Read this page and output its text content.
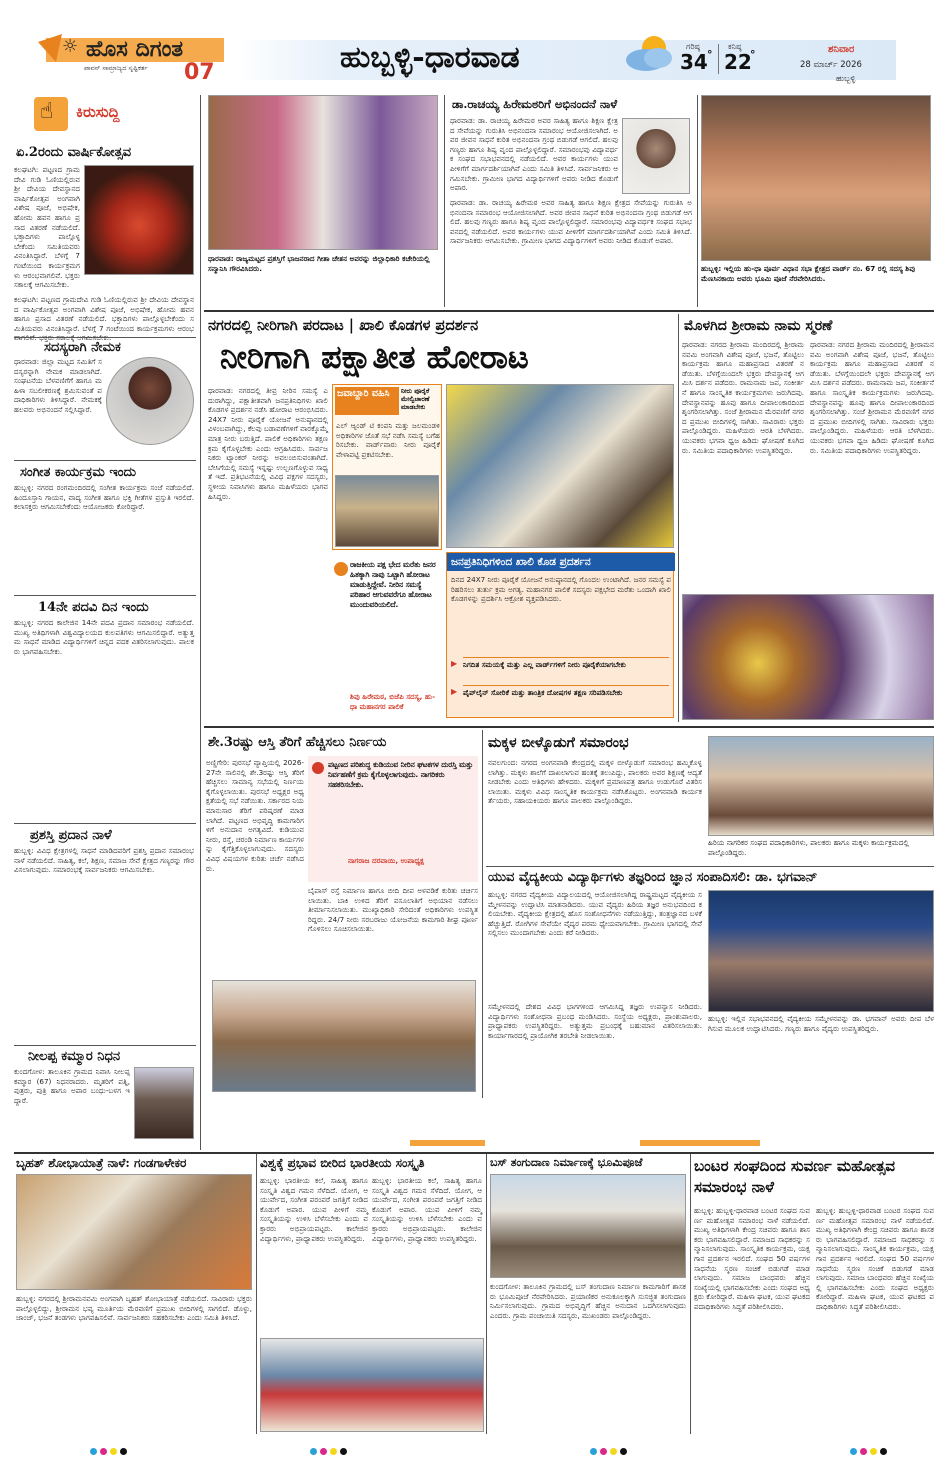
☼ ಹೊಸ ದಿಗಂತ
ಪಾವನ್ ಸಾಮ್ರಾಜ್ಯದ ಸೃಷ್ಟಿಕರ್ತ 07	ಹುಬ್ಬಳ್ಳಿ-ಧಾರವಾಡ	ಗರಿಷ್ಠ
34 °
ಕನಿಷ್ಠ
22
°	ಶನಿವಾರ
28 ಮಾರ್ಚ್ 2026
ಹುಬ್ಬಳ್ಳಿ
☝ ಕಿರುಸುದ್ದಿ
ಏ.2ರಂದು ವಾರ್ಷಿಕೋತ್ಸವ
ಕಲಘಟಗಿ: ಪಟ್ಟಣದ ಗ್ರಾಮದೇವಿ ಗುಡಿ ಓಣಿಯಲ್ಲಿರುವ ಶ್ರೀ ದೇವಿಯ ದೇವಸ್ಥಾನದ ವಾರ್ಷಿಕೋತ್ಸವ ಅಂಗವಾಗಿ ವಿಶೇಷ ಪೂಜೆ, ಅಭಿಷೇಕ, ಹೋಮ ಹವನ ಹಾಗೂ ಪ್ರಸಾದ ವಿತರಣೆ ನಡೆಯಲಿದೆ. ಭಕ್ತಾದಿಗಳು ಪಾಲ್ಗೊಳ್ಳಬೇಕೆಂದು ಸಮಿತಿಯವರು ವಿನಂತಿಸಿದ್ದಾರೆ. ಬೆಳಗ್ಗೆ 7 ಗಂಟೆಯಿಂದ ಕಾರ್ಯಕ್ರಮಗಳು ಆರಂಭವಾಗಲಿವೆ. ಭಕ್ತರು ಸಕಾಲಕ್ಕೆ ಆಗಮಿಸಬೇಕು.
ಕಲಘಟಗಿ: ಪಟ್ಟಣದ ಗ್ರಾಮದೇವಿ ಗುಡಿ ಓಣಿಯಲ್ಲಿರುವ ಶ್ರೀ ದೇವಿಯ ದೇವಸ್ಥಾನದ ವಾರ್ಷಿಕೋತ್ಸವ ಅಂಗವಾಗಿ ವಿಶೇಷ ಪೂಜೆ, ಅಭಿಷೇಕ, ಹೋಮ ಹವನ ಹಾಗೂ ಪ್ರಸಾದ ವಿತರಣೆ ನಡೆಯಲಿದೆ. ಭಕ್ತಾದಿಗಳು ಪಾಲ್ಗೊಳ್ಳಬೇಕೆಂದು ಸಮಿತಿಯವರು ವಿನಂತಿಸಿದ್ದಾರೆ. ಬೆಳಗ್ಗೆ 7 ಗಂಟೆಯಿಂದ ಕಾರ್ಯಕ್ರಮಗಳು ಆರಂಭ
ಸದಸ್ಯರಾಗಿ ನೇಮಕ
ಧಾರವಾಡ: ಜಿಲ್ಲಾ ಮಟ್ಟದ ಸಮಿತಿಗೆ ಸದಸ್ಯರನ್ನಾಗಿ ನೇಮಕ ಮಾಡಲಾಗಿದೆ. ಸಂಘಟನೆಯ ಬೆಳವಣಿಗೆಗೆ ಹಾಗೂ ಮಹಿಳಾ ಸಬಲೀಕರಣಕ್ಕೆ ಶ್ರಮಿಸುವಂತೆ ಪದಾಧಿಕಾರಿಗಳು ತಿಳಿಸಿದ್ದಾರೆ. ನೇಮಕಕ್ಕೆ ಹಲವರು ಅಭಿನಂದನೆ ಸಲ್ಲಿಸಿದ್ದಾರೆ.
ಸಂಗೀತ ಕಾರ್ಯಕ್ರಮ ಇಂದು
ಹುಬ್ಬಳ್ಳಿ: ನಗರದ ರಂಗಮಂದಿರದಲ್ಲಿ ಸಂಗೀತ ಕಾರ್ಯಕ್ರಮ ಸಂಜೆ ನಡೆಯಲಿದೆ. ಹಿಂದೂಸ್ತಾನಿ ಗಾಯನ, ವಾದ್ಯ ಸಂಗೀತ ಹಾಗೂ ಭಕ್ತಿ ಗೀತೆಗಳ ಪ್ರಸ್ತುತಿ ಇರಲಿದೆ. ಕಲಾಸಕ್ತರು ಆಗಮಿಸಬೇಕೆಂದು ಆಯೋಜಕರು ಕೋರಿದ್ದಾರೆ.
14ನೇ ಪದವಿ ದಿನ ಇಂದು
ಹುಬ್ಬಳ್ಳಿ: ನಗರದ ಕಾಲೇಜಿನ 14ನೇ ಪದವಿ ಪ್ರದಾನ ಸಮಾರಂಭ ನಡೆಯಲಿದೆ. ಮುಖ್ಯ ಅತಿಥಿಗಳಾಗಿ ವಿಶ್ವವಿದ್ಯಾಲಯದ ಕುಲಪತಿಗಳು ಆಗಮಿಸಲಿದ್ದಾರೆ. ಅತ್ಯುತ್ತಮ ಸಾಧನೆ ಮಾಡಿದ ವಿದ್ಯಾರ್ಥಿಗಳಿಗೆ ಚಿನ್ನದ ಪದಕ ವಿತರಿಸಲಾಗುವುದು. ಪಾಲಕರು ಭಾಗವಹಿಸಬೇಕು.
ಪ್ರಶಸ್ತಿ ಪ್ರದಾನ ನಾಳೆ
ಹುಬ್ಬಳ್ಳಿ: ವಿವಿಧ ಕ್ಷೇತ್ರಗಳಲ್ಲಿ ಸಾಧನೆ ಮಾಡಿದವರಿಗೆ ಪ್ರಶಸ್ತಿ ಪ್ರದಾನ ಸಮಾರಂಭ ನಾಳೆ ನಡೆಯಲಿದೆ. ಸಾಹಿತ್ಯ, ಕಲೆ, ಶಿಕ್ಷಣ, ಸಮಾಜ ಸೇವೆ ಕ್ಷೇತ್ರದ ಗಣ್ಯರನ್ನು ಗೌರವಿಸಲಾಗುವುದು. ಸಮಾರಂಭಕ್ಕೆ ಸಾರ್ವಜನಿಕರು ಆಗಮಿಸಬೇಕು.
ನೀಲಪ್ಪ ಕಮ್ಮಾರ ನಿಧನ
ಕುಂದಗೋಳ: ತಾಲೂಕಿನ ಗ್ರಾಮದ ನಿವಾಸಿ ನೀಲಪ್ಪ ಕಮ್ಮಾರ (67) ನಿಧನರಾದರು. ಮೃತರಿಗೆ ಪತ್ನಿ, ಪುತ್ರರು, ಪುತ್ರಿ ಹಾಗೂ ಅಪಾರ ಬಂಧು-ಬಳಗ ಇದ್ದಾರೆ.
ಧಾರವಾಡ: ರಾಜ್ಯಮಟ್ಟದ ಪ್ರಶಸ್ತಿಗೆ ಭಾಜನರಾದ ಗೀತಾ ಚೇತನ ಅವರನ್ನು ಜಿಲ್ಲಾಧಿಕಾರಿ ಕಚೇರಿಯಲ್ಲಿ ಸನ್ಮಾನಿಸಿ ಗೌರವಿಸಿದರು.
ಡಾ.ರಾಚಯ್ಯ ಹಿರೇಮಠರಿಗೆ ಅಭಿನಂದನೆ ನಾಳೆ
ಧಾರವಾಡ: ಡಾ. ರಾಚಯ್ಯ ಹಿರೇಮಠ ಅವರ ಸಾಹಿತ್ಯ ಹಾಗೂ ಶಿಕ್ಷಣ ಕ್ಷೇತ್ರದ ಸೇವೆಯನ್ನು ಗುರುತಿಸಿ ಅಭಿನಂದನಾ ಸಮಾರಂಭ ಆಯೋಜಿಸಲಾಗಿದೆ. ಅವರ ಜೀವನ ಸಾಧನೆ ಕುರಿತ ಅಭಿನಂದನಾ ಗ್ರಂಥ ಬಿಡುಗಡೆ ಆಗಲಿದೆ. ಹಲವು ಗಣ್ಯರು ಹಾಗೂ ಶಿಷ್ಯ ವೃಂದ ಪಾಲ್ಗೊಳ್ಳಲಿದ್ದಾರೆ. ಸಮಾರಂಭವು ವಿದ್ಯಾವರ್ಧಕ ಸಂಘದ ಸಭಾಭವನದಲ್ಲಿ ನಡೆಯಲಿದೆ. ಅವರ ಕಾರ್ಯಗಳು ಯುವ ಪೀಳಿಗೆಗೆ ಮಾರ್ಗದರ್ಶಿಯಾಗಿವೆ ಎಂದು ಸಮಿತಿ ತಿಳಿಸಿದೆ. ಸಾರ್ವಜನಿಕರು ಆಗಮಿಸಬೇಕು. ಗ್ರಾಮೀಣ ಭಾಗದ ವಿದ್ಯಾರ್ಥಿಗಳಿಗೆ ಅವರು ನೀಡಿದ ಕೊಡುಗೆ ಅಪಾರ.
ಧಾರವಾಡ: ಡಾ. ರಾಚಯ್ಯ ಹಿರೇಮಠ ಅವರ ಸಾಹಿತ್ಯ ಹಾಗೂ ಶಿಕ್ಷಣ ಕ್ಷೇತ್ರದ ಸೇವೆಯನ್ನು ಗುರುತಿಸಿ ಅಭಿನಂದನಾ ಸಮಾರಂಭ ಆಯೋಜಿಸಲಾಗಿದೆ. ಅವರ ಜೀವನ ಸಾಧನೆ ಕುರಿತ ಅಭಿನಂದನಾ ಗ್ರಂಥ ಬಿಡುಗಡೆ ಆಗಲಿದೆ. ಹಲವು ಗಣ್ಯರು ಹಾಗೂ ಶಿಷ್ಯ ವೃಂದ ಪಾಲ್ಗೊಳ್ಳಲಿದ್ದಾರೆ. ಸಮಾರಂಭವು ವಿದ್ಯಾವರ್ಧಕ ಸಂಘದ ಸಭಾಭವನದಲ್ಲಿ ನಡೆಯಲಿದೆ. ಅವರ ಕಾರ್ಯಗಳು ಯುವ ಪೀಳಿಗೆಗೆ ಮಾರ್ಗದರ್ಶಿಯಾಗಿವೆ ಎಂದು ಸಮಿತಿ ತಿಳಿಸಿದೆ. ಸಾರ್ವಜನಿಕರು ಆಗಮಿಸಬೇಕು. ಗ್ರಾಮೀಣ ಭಾಗದ ವಿದ್ಯಾರ್ಥಿಗಳಿಗೆ ಅವರು ನೀಡಿದ ಕೊಡುಗೆ ಅಪಾರ.
ಹುಬ್ಬಳ್ಳಿ: ಇಲ್ಲಿಯ ಹು-ಧಾ ಪೂರ್ವ ವಿಧಾನ ಸಭಾ ಕ್ಷೇತ್ರದ ವಾರ್ಡ್ ನಂ. 67 ರಲ್ಲಿ ಸದಸ್ಯ ಶಿವು ಮೆಣಸಿನಕಾಯಿ ಅವರು ಭೂಮಿ ಪೂಜೆ ನೆರವೇರಿಸಿದರು.
ನಗರದಲ್ಲಿ ನೀರಿಗಾಗಿ ಪರದಾಟ | ಖಾಲಿ ಕೊಡಗಳ ಪ್ರದರ್ಶನ
ನೀರಿಗಾಗಿ ಪಕ್ಷಾತೀತ ಹೋರಾಟ
ಧಾರವಾಡ: ನಗರದಲ್ಲಿ ತೀವ್ರ ನೀರಿನ ಸಮಸ್ಯೆ ಎದುರಾಗಿದ್ದು, ಪಕ್ಷಾತೀತವಾಗಿ ಜನಪ್ರತಿನಿಧಿಗಳು ಖಾಲಿ ಕೊಡಗಳ ಪ್ರದರ್ಶನ ನಡೆಸಿ ಹೋರಾಟ ಆರಂಭಿಸಿದರು. 24X7 ನೀರು ಪೂರೈಕೆ ಯೋಜನೆ ಅನುಷ್ಠಾನದಲ್ಲಿ ವಿಳಂಬವಾಗಿದ್ದು, ಕೆಲವು ಬಡಾವಣೆಗಳಿಗೆ ವಾರಕ್ಕೊಮ್ಮೆ ಮಾತ್ರ ನೀರು ಬರುತ್ತಿದೆ. ಪಾಲಿಕೆ ಅಧಿಕಾರಿಗಳು ತಕ್ಷಣ ಕ್ರಮ ಕೈಗೊಳ್ಳಬೇಕು ಎಂದು ಆಗ್ರಹಿಸಿದರು. ಸಾರ್ವಜನಿಕರು ಟ್ಯಾಂಕರ್ ನೀರನ್ನು ಅವಲಂಬಿಸುವಂತಾಗಿದೆ. ಬೇಸಿಗೆಯಲ್ಲಿ ಸಮಸ್ಯೆ ಇನ್ನಷ್ಟು ಉಲ್ಬಣಗೊಳ್ಳುವ ಸಾಧ್ಯತೆ ಇದೆ. ಪ್ರತಿಭಟನೆಯಲ್ಲಿ ವಿವಿಧ ಪಕ್ಷಗಳ ಸದಸ್ಯರು, ಸ್ಥಳೀಯ ನಿವಾಸಿಗಳು ಹಾಗೂ ಮಹಿಳೆಯರು ಭಾಗವಹಿಸಿದ್ದರು.
ಜವಾಬ್ದಾರಿ ವಹಿಸಿ	ನೀರು ಪೂರೈಕೆ ಮೇಲ್ವಿಚಾರಣೆ ಮಾಡಬೇಕು
ಎಲ್ ಆ್ಯಂಡ್ ಟಿ ಕಂಪನಿ ಮತ್ತು ಜಲಮಂಡಳಿ ಅಧಿಕಾರಿಗಳ ಜೊತೆ ಸಭೆ ನಡೆಸಿ ಸಮಸ್ಯೆ ಬಗೆಹರಿಸಬೇಕು. ವಾರ್ಡ್‌ವಾರು ನೀರು ಪೂರೈಕೆ ವೇಳಾಪಟ್ಟಿ ಪ್ರಕಟಿಸಬೇಕು.
ರಾಜಕೀಯ ಪಕ್ಷ ಭೇದ ಮರೆತು ಜನರ ಹಿತಕ್ಕಾಗಿ ನಾವು ಒಟ್ಟಾಗಿ ಹೋರಾಟ ಮಾಡುತ್ತಿದ್ದೇವೆ. ನೀರಿನ ಸಮಸ್ಯೆ ಪರಿಹಾರ ಆಗುವವರೆಗೂ ಹೋರಾಟ ಮುಂದುವರಿಯಲಿದೆ.
ಶಿವು ಹಿರೇಮಠ, ಬಿಜೆಪಿ ಸದಸ್ಯ, ಹು-ಧಾ ಮಹಾನಗರ ಪಾಲಿಕೆ
ಜನಪ್ರತಿನಿಧಿಗಳಿಂದ ಖಾಲಿ ಕೊಡ ಪ್ರದರ್ಶನ
ದಿನದ 24X7 ನೀರು ಪೂರೈಕೆ ಯೋಜನೆ ಅನುಷ್ಠಾನದಲ್ಲಿ ಗೊಂದಲ ಉಂಟಾಗಿದೆ. ಜನರ ಸಮಸ್ಯೆ ಪರಿಹರಿಸಲು ತುರ್ತು ಕ್ರಮ ಅಗತ್ಯ. ಮಹಾನಗರ ಪಾಲಿಕೆ ಸದಸ್ಯರು ಪಕ್ಷಭೇದ ಮರೆತು ಒಂದಾಗಿ ಖಾಲಿ ಕೊಡಗಳನ್ನು ಪ್ರದರ್ಶಿಸಿ ಆಕ್ರೋಶ ವ್ಯಕ್ತಪಡಿಸಿದರು.
ನಿಗದಿತ ಸಮಯಕ್ಕೆ ಮತ್ತು ಎಲ್ಲ ವಾರ್ಡ್‌ಗಳಿಗೆ ನೀರು ಪೂರೈಕೆಯಾಗಬೇಕು
ಪೈಪ್‌ಲೈನ್ ಸೋರಿಕೆ ಮತ್ತು ತಾಂತ್ರಿಕ ದೋಷಗಳ ತಕ್ಷಣ ಸರಿಪಡಿಸಬೇಕು
▶
▶
ಮೊಳಗಿದ ಶ್ರೀರಾಮ ನಾಮ ಸ್ಮರಣೆ
ಧಾರವಾಡ: ನಗರದ ಶ್ರೀರಾಮ ಮಂದಿರದಲ್ಲಿ ಶ್ರೀರಾಮನವಮಿ ಅಂಗವಾಗಿ ವಿಶೇಷ ಪೂಜೆ, ಭಜನೆ, ತೊಟ್ಟಿಲು ಕಾರ್ಯಕ್ರಮ ಹಾಗೂ ಮಹಾಪ್ರಸಾದ ವಿತರಣೆ ನಡೆಯಿತು. ಬೆಳಗ್ಗೆಯಿಂದಲೇ ಭಕ್ತರು ದೇವಸ್ಥಾನಕ್ಕೆ ಆಗಮಿಸಿ ದರ್ಶನ ಪಡೆದರು. ರಾಮನಾಮ ಜಪ, ಸಂಕೀರ್ತನೆ ಹಾಗೂ ಸಾಂಸ್ಕೃತಿಕ ಕಾರ್ಯಕ್ರಮಗಳು ಜರುಗಿದವು. ದೇವಸ್ಥಾನವನ್ನು ಹೂವು ಹಾಗೂ ದೀಪಾಲಂಕಾರದಿಂದ ಶೃಂಗರಿಸಲಾಗಿತ್ತು. ಸಂಜೆ ಶ್ರೀರಾಮನ ಮೆರವಣಿಗೆ ನಗರದ ಪ್ರಮುಖ ಬೀದಿಗಳಲ್ಲಿ ಸಾಗಿತು. ಸಾವಿರಾರು ಭಕ್ತರು ಪಾಲ್ಗೊಂಡಿದ್ದರು. ಮಹಿಳೆಯರು ಆರತಿ ಬೆಳಗಿದರು. ಯುವಕರು ಭಗವಾ ಧ್ವಜ ಹಿಡಿದು ಘೋಷಣೆ ಕೂಗಿದರು. ಸಮಿತಿಯ ಪದಾಧಿಕಾರಿಗಳು ಉಪಸ್ಥಿತರಿದ್ದರು.
ಧಾರವಾಡ: ನಗರದ ಶ್ರೀರಾಮ ಮಂದಿರದಲ್ಲಿ ಶ್ರೀರಾಮನವಮಿ ಅಂಗವಾಗಿ ವಿಶೇಷ ಪೂಜೆ, ಭಜನೆ, ತೊಟ್ಟಿಲು ಕಾರ್ಯಕ್ರಮ ಹಾಗೂ ಮಹಾಪ್ರಸಾದ ವಿತರಣೆ ನಡೆಯಿತು. ಬೆಳಗ್ಗೆಯಿಂದಲೇ ಭಕ್ತರು ದೇವಸ್ಥಾನಕ್ಕೆ ಆಗಮಿಸಿ ದರ್ಶನ ಪಡೆದರು. ರಾಮನಾಮ ಜಪ, ಸಂಕೀರ್ತನೆ ಹಾಗೂ ಸಾಂಸ್ಕೃತಿಕ ಕಾರ್ಯಕ್ರಮಗಳು ಜರುಗಿದವು. ದೇವಸ್ಥಾನವನ್ನು ಹೂವು ಹಾಗೂ ದೀಪಾಲಂಕಾರದಿಂದ ಶೃಂಗರಿಸಲಾಗಿತ್ತು. ಸಂಜೆ ಶ್ರೀರಾಮನ ಮೆರವಣಿಗೆ ನಗರದ ಪ್ರಮುಖ ಬೀದಿಗಳಲ್ಲಿ ಸಾಗಿತು. ಸಾವಿರಾರು ಭಕ್ತರು ಪಾಲ್ಗೊಂಡಿದ್ದರು. ಮಹಿಳೆಯರು ಆರತಿ ಬೆಳಗಿದರು. ಯುವಕರು ಭಗವಾ ಧ್ವಜ ಹಿಡಿದು ಘೋಷಣೆ ಕೂಗಿದರು. ಸಮಿತಿಯ ಪದಾಧಿಕಾರಿಗಳು ಉಪಸ್ಥಿತರಿದ್ದರು.
ಶೇ.3ರಷ್ಟು ಆಸ್ತಿ ತೆರಿಗೆ ಹೆಚ್ಚಿಸಲು ನಿರ್ಣಯ
ಅಣ್ಣಿಗೇರಿ: ಪುರಸಭೆ ವ್ಯಾಪ್ತಿಯಲ್ಲಿ 2026-27ನೇ ಸಾಲಿನಲ್ಲಿ ಶೇ.3ರಷ್ಟು ಆಸ್ತಿ ತೆರಿಗೆ ಹೆಚ್ಚಿಸಲು ಸಾಮಾನ್ಯ ಸಭೆಯಲ್ಲಿ ನಿರ್ಣಯ ಕೈಗೊಳ್ಳಲಾಯಿತು. ಪುರಸಭೆ ಅಧ್ಯಕ್ಷರ ಅಧ್ಯಕ್ಷತೆಯಲ್ಲಿ ಸಭೆ ನಡೆಯಿತು. ಸರ್ಕಾರದ ನಿಯಮಾನುಸಾರ ತೆರಿಗೆ ಪರಿಷ್ಕರಣೆ ಮಾಡಲಾಗಿದೆ. ಪಟ್ಟಣದ ಅಭಿವೃದ್ಧಿ ಕಾಮಗಾರಿಗಳಿಗೆ ಅನುದಾನ ಅಗತ್ಯವಿದೆ. ಕುಡಿಯುವ ನೀರು, ರಸ್ತೆ, ಚರಂಡಿ ನಿರ್ಮಾಣ ಕಾರ್ಯಗಳನ್ನು ಕೈಗೆತ್ತಿಕೊಳ್ಳಲಾಗುವುದು. ಸದಸ್ಯರು ವಿವಿಧ ವಿಷಯಗಳ ಕುರಿತು ಚರ್ಚೆ ನಡೆಸಿದರು.
ಪಟ್ಟಣದ ಪರಿಶುದ್ಧ ಕುಡಿಯುವ ನೀರಿನ ಘಟಕಗಳ ದುರಸ್ತಿ ಮತ್ತು ನಿರ್ವಹಣೆಗೆ ಕ್ರಮ ಕೈಗೊಳ್ಳಲಾಗುವುದು. ನಾಗರಿಕರು ಸಹಕರಿಸಬೇಕು.
ನಾಗರಾಜ ದರವಾಯಿ, ಉಪಾಧ್ಯಕ್ಷ
ಬೈಪಾಸ್ ರಸ್ತೆ ನಿರ್ಮಾಣ ಹಾಗೂ ಬೀದಿ ದೀಪ ಅಳವಡಿಕೆ ಕುರಿತು ಚರ್ಚಿಸಲಾಯಿತು. ಬಾಕಿ ಉಳಿದ ತೆರಿಗೆ ವಸೂಲಾತಿಗೆ ಅಭಿಯಾನ ನಡೆಸಲು ತೀರ್ಮಾನಿಸಲಾಯಿತು. ಮುಖ್ಯಾಧಿಕಾರಿ ಸೇರಿದಂತೆ ಅಧಿಕಾರಿಗಳು ಉಪಸ್ಥಿತರಿದ್ದರು. 24/7 ನೀರು ಸರಬರಾಜು ಯೋಜನೆಯ ಕಾಮಗಾರಿ ಶೀಘ್ರ ಪೂರ್ಣಗೊಳಿಸಲು ಸೂಚಿಸಲಾಯಿತು.
ಮಕ್ಕಳ ಬೀಳ್ಕೊಡುಗೆ ಸಮಾರಂಭ
ನವಲಗುಂದ: ನಗರದ ಅಂಗನವಾಡಿ ಕೇಂದ್ರದಲ್ಲಿ ಮಕ್ಕಳ ಬೀಳ್ಕೊಡುಗೆ ಸಮಾರಂಭ ಹಮ್ಮಿಕೊಳ್ಳಲಾಗಿತ್ತು. ಮಕ್ಕಳು ಶಾಲೆಗೆ ದಾಖಲಾಗುವ ಹಂತಕ್ಕೆ ತಲುಪಿದ್ದು, ಪಾಲಕರು ಅವರ ಶಿಕ್ಷಣಕ್ಕೆ ಆದ್ಯತೆ ನೀಡಬೇಕು ಎಂದು ಅತಿಥಿಗಳು ಹೇಳಿದರು. ಮಕ್ಕಳಿಗೆ ಪ್ರಮಾಣಪತ್ರ ಹಾಗೂ ಉಡುಗೊರೆ ವಿತರಿಸಲಾಯಿತು. ಮಕ್ಕಳು ವಿವಿಧ ಸಾಂಸ್ಕೃತಿಕ ಕಾರ್ಯಕ್ರಮ ನಡೆಸಿಕೊಟ್ಟರು. ಅಂಗನವಾಡಿ ಕಾರ್ಯಕರ್ತೆಯರು, ಸಹಾಯಕಿಯರು ಹಾಗೂ ಪಾಲಕರು ಪಾಲ್ಗೊಂಡಿದ್ದರು.
ಹಿರಿಯ ನಾಗರಿಕರ ಸಂಘದ ಪದಾಧಿಕಾರಿಗಳು, ಪಾಲಕರು ಹಾಗೂ ಮಕ್ಕಳು ಕಾರ್ಯಕ್ರಮದಲ್ಲಿ ಪಾಲ್ಗೊಂಡಿದ್ದರು.
ಯುವ ವೈದ್ಯಕೀಯ ವಿದ್ಯಾರ್ಥಿಗಳು ತಜ್ಞರಿಂದ ಜ್ಞಾನ ಸಂಪಾದಿಸಲಿ: ಡಾ. ಭಗವಾನ್
ಹುಬ್ಬಳ್ಳಿ: ನಗರದ ವೈದ್ಯಕೀಯ ವಿದ್ಯಾಲಯದಲ್ಲಿ ಆಯೋಜಿಸಲಾಗಿದ್ದ ರಾಷ್ಟ್ರಮಟ್ಟದ ವೈದ್ಯಕೀಯ ಸಮ್ಮೇಳನವನ್ನು ಉದ್ಘಾಟಿಸಿ ಮಾತನಾಡಿದರು. ಯುವ ವೈದ್ಯರು ಹಿರಿಯ ತಜ್ಞರ ಅನುಭವದಿಂದ ಕಲಿಯಬೇಕು. ವೈದ್ಯಕೀಯ ಕ್ಷೇತ್ರದಲ್ಲಿ ಹೊಸ ಸಂಶೋಧನೆಗಳು ನಡೆಯುತ್ತಿದ್ದು, ತಂತ್ರಜ್ಞಾನದ ಬಳಕೆ ಹೆಚ್ಚುತ್ತಿದೆ. ರೋಗಿಗಳ ಸೇವೆಯೇ ವೈದ್ಯರ ಪರಮ ಧ್ಯೇಯವಾಗಬೇಕು. ಗ್ರಾಮೀಣ ಭಾಗದಲ್ಲಿ ಸೇವೆ ಸಲ್ಲಿಸಲು ಮುಂದಾಗಬೇಕು ಎಂದು ಕರೆ ನೀಡಿದರು.
ಸಮ್ಮೇಳನದಲ್ಲಿ ದೇಶದ ವಿವಿಧ ಭಾಗಗಳಿಂದ ಆಗಮಿಸಿದ್ದ ತಜ್ಞರು ಉಪನ್ಯಾಸ ನೀಡಿದರು. ವಿದ್ಯಾರ್ಥಿಗಳು ಸಂಶೋಧನಾ ಪ್ರಬಂಧ ಮಂಡಿಸಿದರು. ಸಂಸ್ಥೆಯ ಅಧ್ಯಕ್ಷರು, ಪ್ರಾಂಶುಪಾಲರು, ಪ್ರಾಧ್ಯಾಪಕರು ಉಪಸ್ಥಿತರಿದ್ದರು. ಅತ್ಯುತ್ತಮ ಪ್ರಬಂಧಕ್ಕೆ ಬಹುಮಾನ ವಿತರಿಸಲಾಯಿತು. ಕಾರ್ಯಾಗಾರದಲ್ಲಿ ಪ್ರಾಯೋಗಿಕ ತರಬೇತಿ ನೀಡಲಾಯಿತು.
ಹುಬ್ಬಳ್ಳಿ: ಇಲ್ಲಿನ ಸಭಾಭವನದಲ್ಲಿ ವೈದ್ಯಕೀಯ ಸಮ್ಮೇಳನವನ್ನು ಡಾ. ಭಗವಾನ್ ಅವರು ದೀಪ ಬೆಳಗಿಸುವ ಮೂಲಕ ಉದ್ಘಾಟಿಸಿದರು. ಗಣ್ಯರು ಹಾಗೂ ವೈದ್ಯರು ಉಪಸ್ಥಿತರಿದ್ದರು.
ಬೃಹತ್ ಶೋಭಾಯಾತ್ರೆ ನಾಳೆ: ಗಂಡಗಾಳೇಕರ
ಹುಬ್ಬಳ್ಳಿ: ನಗರದಲ್ಲಿ ಶ್ರೀರಾಮನವಮಿ ಅಂಗವಾಗಿ ಬೃಹತ್ ಶೋಭಾಯಾತ್ರೆ ನಡೆಯಲಿದೆ. ಸಾವಿರಾರು ಭಕ್ತರು ಪಾಲ್ಗೊಳ್ಳಲಿದ್ದು, ಶ್ರೀರಾಮನ ಭವ್ಯ ಮೂರ್ತಿಯ ಮೆರವಣಿಗೆ ಪ್ರಮುಖ ಬೀದಿಗಳಲ್ಲಿ ಸಾಗಲಿದೆ. ಡೊಳ್ಳು, ಜಾಂಜ್, ಭಜನೆ ತಂಡಗಳು ಭಾಗವಹಿಸಲಿವೆ. ಸಾರ್ವಜನಿಕರು ಸಹಕರಿಸಬೇಕು ಎಂದು ಸಮಿತಿ ತಿಳಿಸಿದೆ.
ವಿಶ್ವಕ್ಕೆ ಪ್ರಭಾವ ಬೀರಿದ ಭಾರತೀಯ ಸಂಸ್ಕೃತಿ
ಹುಬ್ಬಳ್ಳಿ: ಭಾರತೀಯ ಕಲೆ, ಸಾಹಿತ್ಯ ಹಾಗೂ ಸಂಸ್ಕೃತಿ ವಿಶ್ವದ ಗಮನ ಸೆಳೆದಿದೆ. ಯೋಗ, ಆಯುರ್ವೇದ, ಸಂಗೀತ ಪರಂಪರೆ ಜಗತ್ತಿಗೆ ನೀಡಿದ ಕೊಡುಗೆ ಅಪಾರ. ಯುವ ಪೀಳಿಗೆ ನಮ್ಮ ಸಂಸ್ಕೃತಿಯನ್ನು ಉಳಿಸಿ ಬೆಳೆಸಬೇಕು ಎಂದು ವಕ್ತಾರರು ಅಭಿಪ್ರಾಯಪಟ್ಟರು. ಕಾಲೇಜಿನ ವಿದ್ಯಾರ್ಥಿಗಳು, ಪ್ರಾಧ್ಯಾಪಕರು ಉಪಸ್ಥಿತರಿದ್ದರು.
ಹುಬ್ಬಳ್ಳಿ: ಭಾರತೀಯ ಕಲೆ, ಸಾಹಿತ್ಯ ಹಾಗೂ ಸಂಸ್ಕೃತಿ ವಿಶ್ವದ ಗಮನ ಸೆಳೆದಿದೆ. ಯೋಗ, ಆಯುರ್ವೇದ, ಸಂಗೀತ ಪರಂಪರೆ ಜಗತ್ತಿಗೆ ನೀಡಿದ ಕೊಡುಗೆ ಅಪಾರ. ಯುವ ಪೀಳಿಗೆ ನಮ್ಮ ಸಂಸ್ಕೃತಿಯನ್ನು ಉಳಿಸಿ ಬೆಳೆಸಬೇಕು ಎಂದು ವಕ್ತಾರರು ಅಭಿಪ್ರಾಯಪಟ್ಟರು. ಕಾಲೇಜಿನ ವಿದ್ಯಾರ್ಥಿಗಳು, ಪ್ರಾಧ್ಯಾಪಕರು ಉಪಸ್ಥಿತರಿದ್ದರು.
ಬಸ್ ತಂಗುದಾಣ ನಿರ್ಮಾಣಕ್ಕೆ ಭೂಮಿಪೂಜೆ
ಕುಂದಗೋಳ: ತಾಲೂಕಿನ ಗ್ರಾಮದಲ್ಲಿ ಬಸ್ ತಂಗುದಾಣ ನಿರ್ಮಾಣ ಕಾಮಗಾರಿಗೆ ಶಾಸಕರು ಭೂಮಿಪೂಜೆ ನೆರವೇರಿಸಿದರು. ಪ್ರಯಾಣಿಕರ ಅನುಕೂಲಕ್ಕಾಗಿ ಸುಸಜ್ಜಿತ ತಂಗುದಾಣ ನಿರ್ಮಿಸಲಾಗುವುದು. ಗ್ರಾಮದ ಅಭಿವೃದ್ಧಿಗೆ ಹೆಚ್ಚಿನ ಅನುದಾನ ಒದಗಿಸಲಾಗುವುದು ಎಂದರು. ಗ್ರಾಮ ಪಂಚಾಯಿತಿ ಸದಸ್ಯರು, ಮುಖಂಡರು ಪಾಲ್ಗೊಂಡಿದ್ದರು.
ಬಂಟರ ಸಂಘದಿಂದ ಸುವರ್ಣ ಮಹೋತ್ಸವ ಸಮಾರಂಭ ನಾಳೆ
ಹುಬ್ಬಳ್ಳಿ: ಹುಬ್ಬಳ್ಳಿ-ಧಾರವಾಡ ಬಂಟರ ಸಂಘದ ಸುವರ್ಣ ಮಹೋತ್ಸವ ಸಮಾರಂಭ ನಾಳೆ ನಡೆಯಲಿದೆ. ಮುಖ್ಯ ಅತಿಥಿಗಳಾಗಿ ಕೇಂದ್ರ ಸಚಿವರು ಹಾಗೂ ಶಾಸಕರು ಭಾಗವಹಿಸಲಿದ್ದಾರೆ. ಸಮಾಜದ ಸಾಧಕರನ್ನು ಸನ್ಮಾನಿಸಲಾಗುವುದು. ಸಾಂಸ್ಕೃತಿಕ ಕಾರ್ಯಕ್ರಮ, ಯಕ್ಷಗಾನ ಪ್ರದರ್ಶನ ಇರಲಿದೆ. ಸಂಘದ 50 ವರ್ಷಗಳ ಸಾಧನೆಯ ಸ್ಮರಣ ಸಂಚಿಕೆ ಬಿಡುಗಡೆ ಮಾಡಲಾಗುವುದು. ಸಮಾಜ ಬಾಂಧವರು ಹೆಚ್ಚಿನ ಸಂಖ್ಯೆಯಲ್ಲಿ ಭಾಗವಹಿಸಬೇಕು ಎಂದು ಸಂಘದ ಅಧ್ಯಕ್ಷರು ಕೋರಿದ್ದಾರೆ. ಮಹಿಳಾ ಘಟಕ, ಯುವ ಘಟಕದ ಪದಾಧಿಕಾರಿಗಳು ಸಿದ್ಧತೆ ಪರಿಶೀಲಿಸಿದರು.
ಹುಬ್ಬಳ್ಳಿ: ಹುಬ್ಬಳ್ಳಿ-ಧಾರವಾಡ ಬಂಟರ ಸಂಘದ ಸುವರ್ಣ ಮಹೋತ್ಸವ ಸಮಾರಂಭ ನಾಳೆ ನಡೆಯಲಿದೆ. ಮುಖ್ಯ ಅತಿಥಿಗಳಾಗಿ ಕೇಂದ್ರ ಸಚಿವರು ಹಾಗೂ ಶಾಸಕರು ಭಾಗವಹಿಸಲಿದ್ದಾರೆ. ಸಮಾಜದ ಸಾಧಕರನ್ನು ಸನ್ಮಾನಿಸಲಾಗುವುದು. ಸಾಂಸ್ಕೃತಿಕ ಕಾರ್ಯಕ್ರಮ, ಯಕ್ಷಗಾನ ಪ್ರದರ್ಶನ ಇರಲಿದೆ. ಸಂಘದ 50 ವರ್ಷಗಳ ಸಾಧನೆಯ ಸ್ಮರಣ ಸಂಚಿಕೆ ಬಿಡುಗಡೆ ಮಾಡಲಾಗುವುದು. ಸಮಾಜ ಬಾಂಧವರು ಹೆಚ್ಚಿನ ಸಂಖ್ಯೆಯಲ್ಲಿ ಭಾಗವಹಿಸಬೇಕು ಎಂದು ಸಂಘದ ಅಧ್ಯಕ್ಷರು ಕೋರಿದ್ದಾರೆ. ಮಹಿಳಾ ಘಟಕ, ಯುವ ಘಟಕದ ಪದಾಧಿಕಾರಿಗಳು ಸಿದ್ಧತೆ ಪರಿಶೀಲಿಸಿದರು.
